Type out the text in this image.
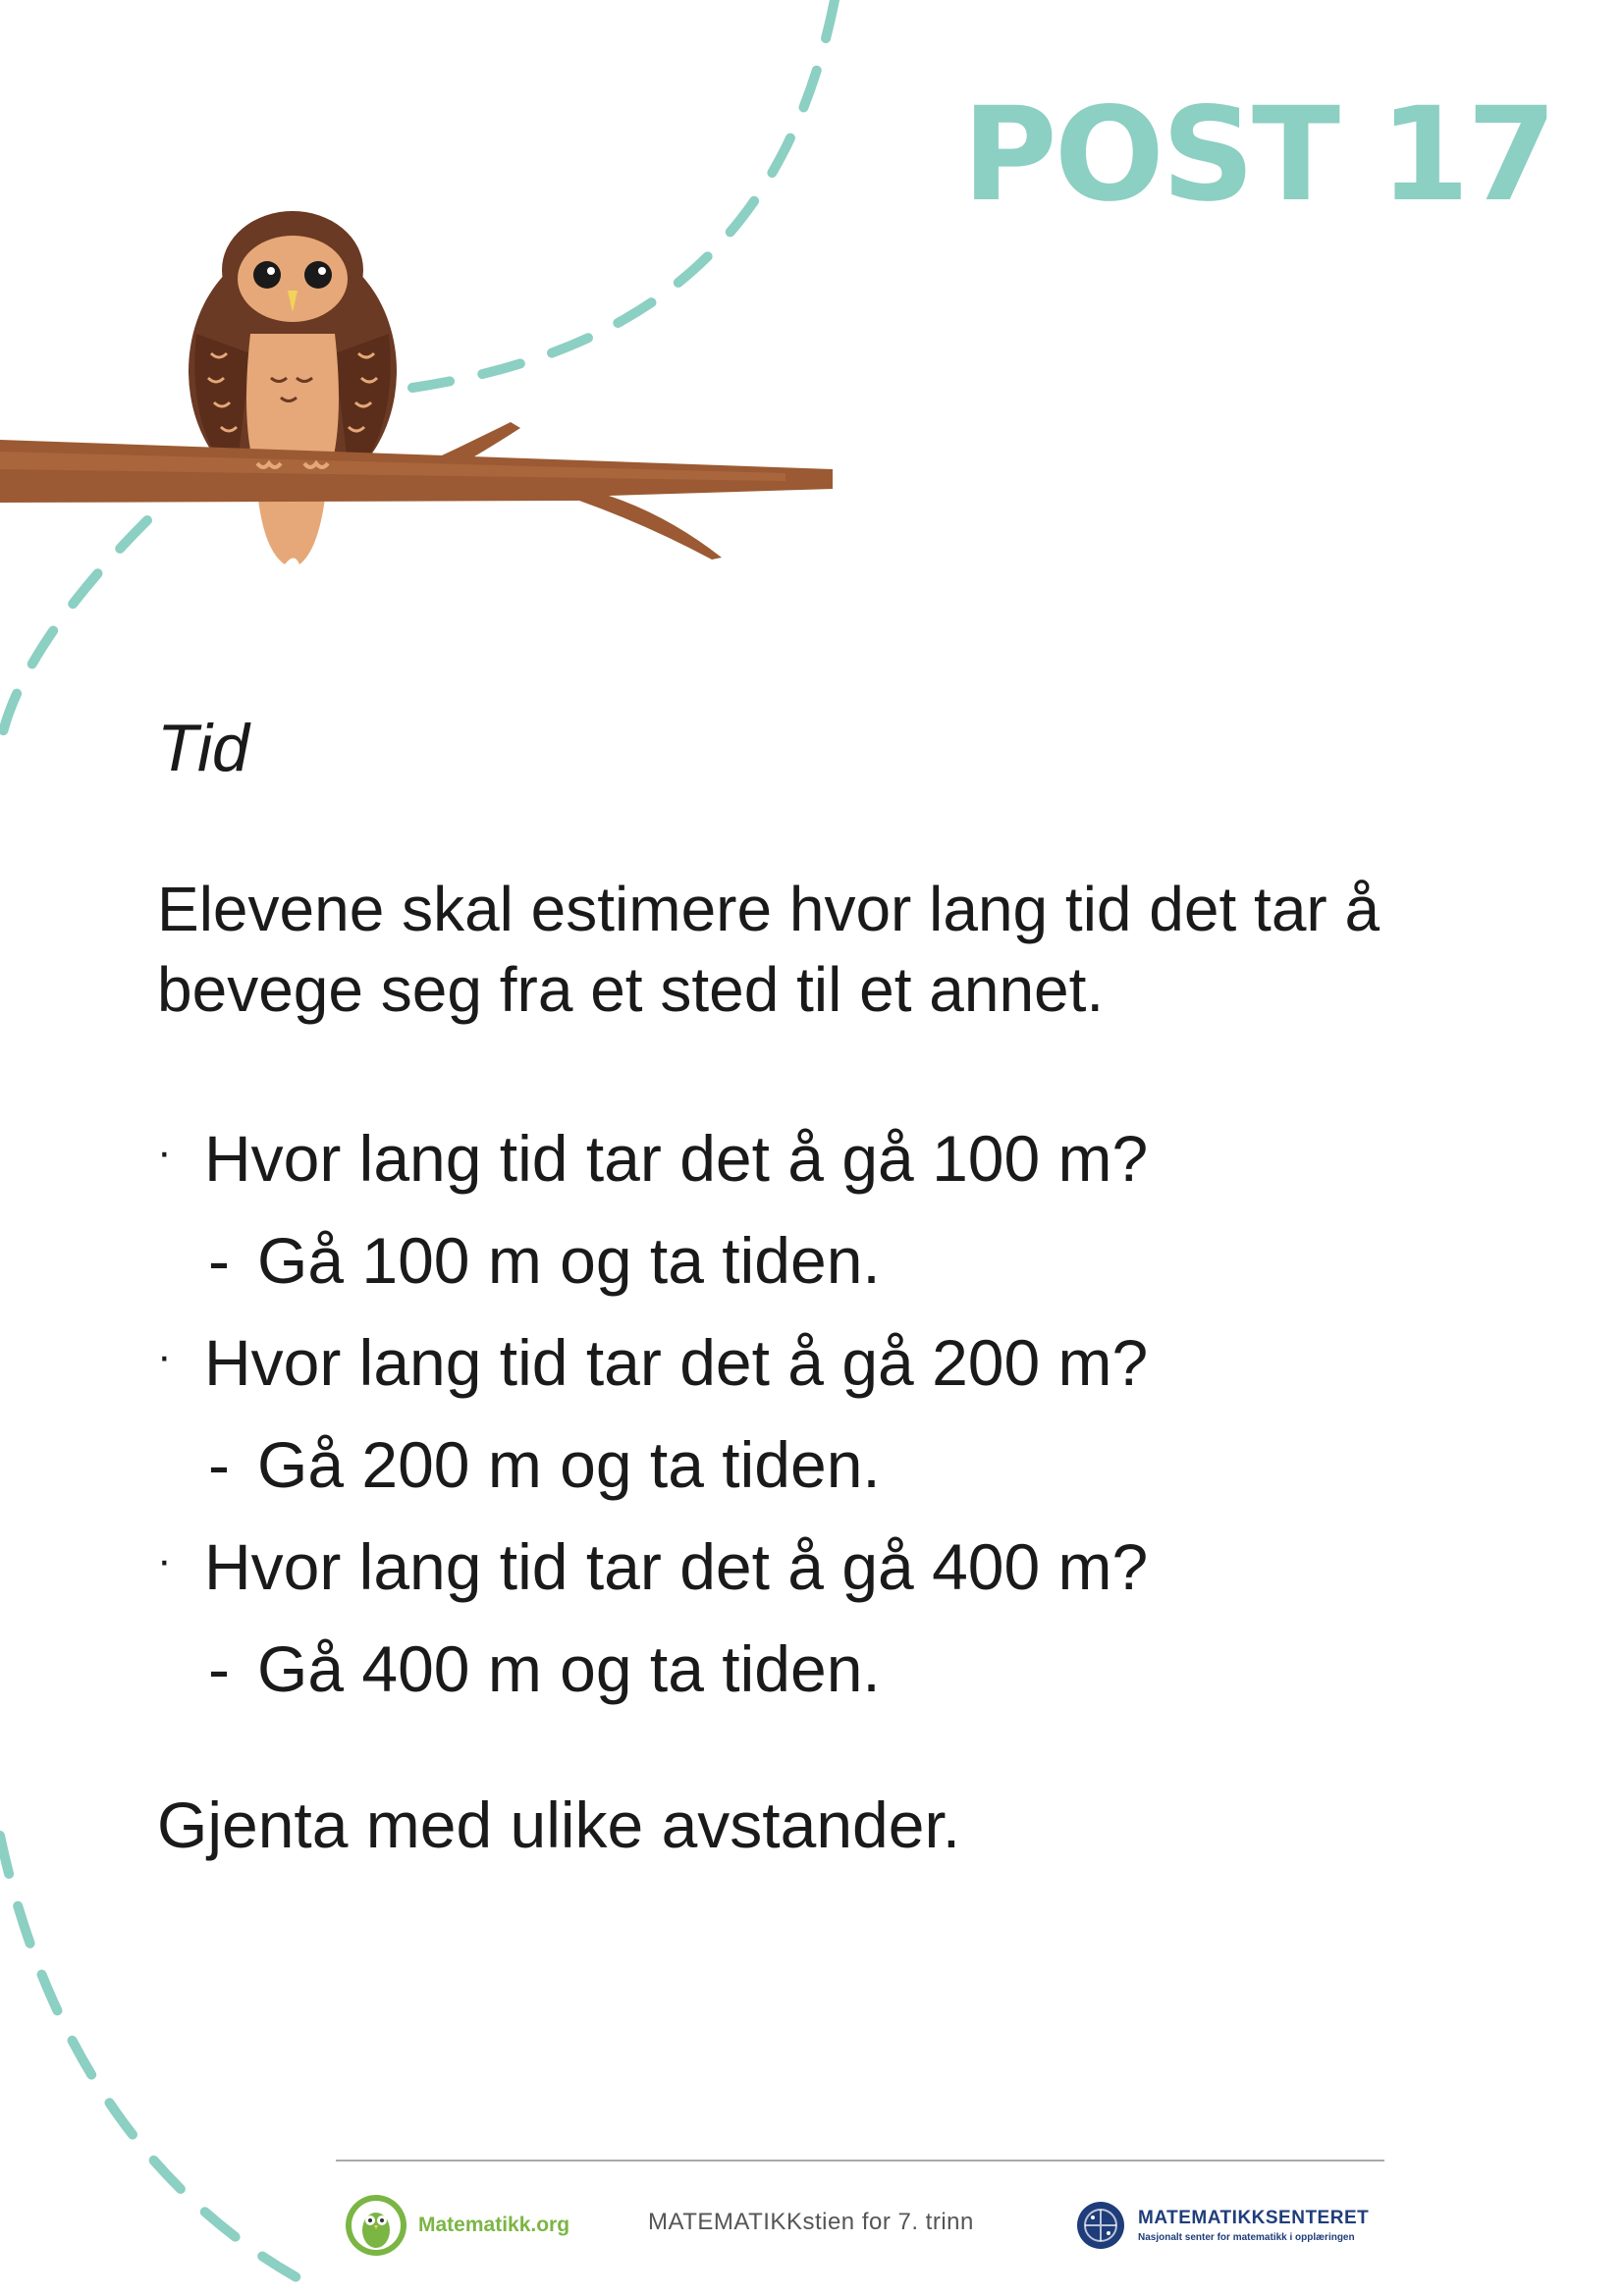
POST 17
Tid
Elevene skal estimere hvor lang tid det tar å
bevege seg fra et sted til et annet.
· Hvor lang tid tar det å gå 100 m?
- Gå 100 m og ta tiden.
· Hvor lang tid tar det å gå 200 m?
- Gå 200 m og ta tiden.
· Hvor lang tid tar det å gå 400 m?
- Gå 400 m og ta tiden.
Gjenta med ulike avstander.
Matematikk.org	MATEMATIKKstien for 7. trinn	MATEMATIKKSENTERET
Nasjonalt senter for matematikk i opplæringen
